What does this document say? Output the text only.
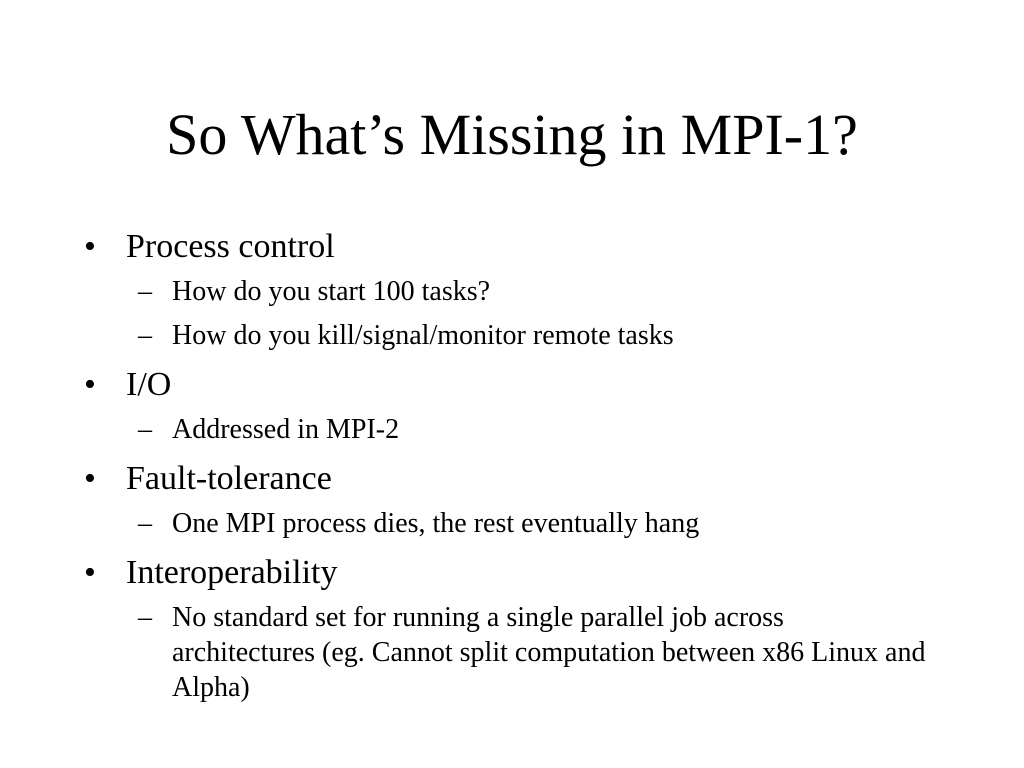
So What’s Missing in MPI-1?
• Process control
– How do you start 100 tasks?
– How do you kill/signal/monitor remote tasks
• I/O
– Addressed in MPI-2
• Fault-tolerance
– One MPI process dies, the rest eventually hang
• Interoperability
– No standard set for running a single parallel job across architectures (eg. Cannot split computation between x86 Linux and Alpha)
